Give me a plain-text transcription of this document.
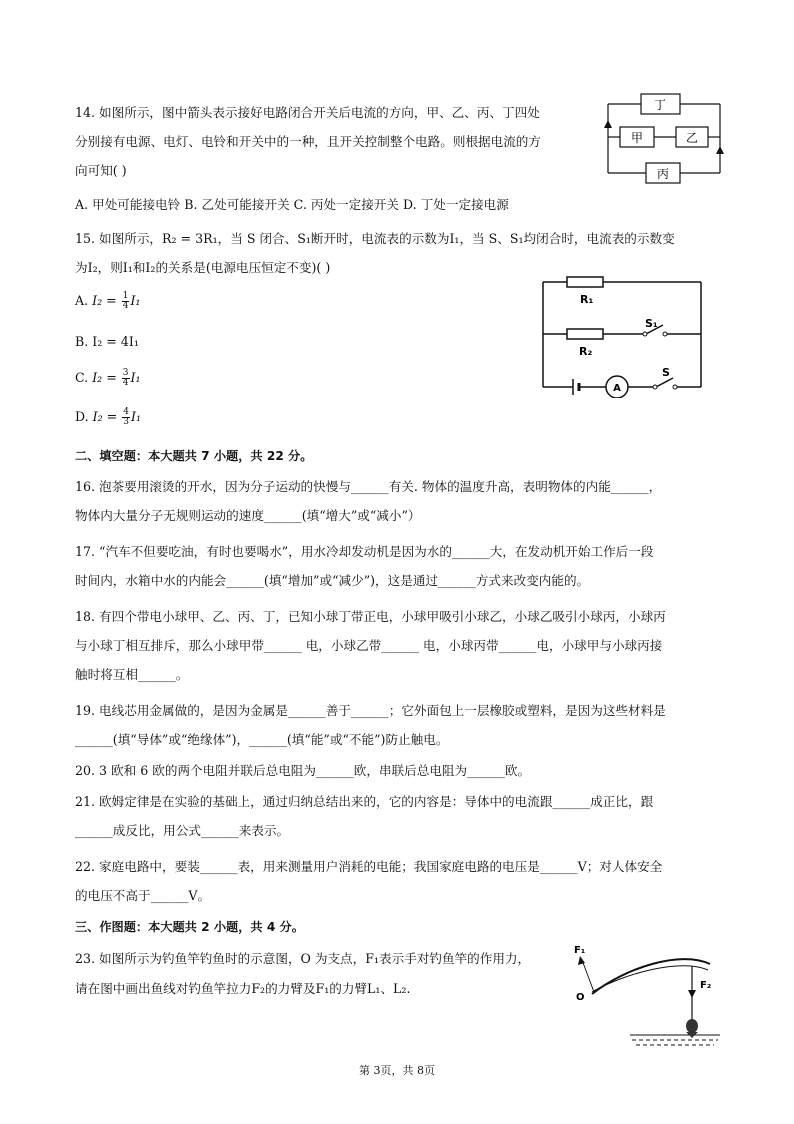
14. 如图所示，图中箭头表示接好电路闭合开关后电流的方向，甲、乙、丙、丁四处
分别接有电源、电灯、电铃和开关中的一种，且开关控制整个电路。则根据电流的方
向可知( )
A. 甲处可能接电铃 B. 乙处可能接开关 C. 丙处一定接开关 D. 丁处一定接电源
丁
甲	乙
丙
15. 如图所示，R₂ = 3R₁，当 S 闭合、S₁断开时，电流表的示数为I₁，当 S、S₁均闭合时，电流表的示数变
为I₂，则I₁和I₂的关系是(电源电压恒定不变)( )
A. $I_2 = \frac{1}{4} I_1$
B. I₂ = 4I₁
C. $I_2 = \frac{3}{4} I_1$
D. $I_2 = \frac{4}{3} I_1$
R₁
R₂
S₁
S
A
二、填空题：本大题共 7 小题，共 22 分。
16. 泡茶要用滚烫的开水，因为分子运动的快慢与______有关. 物体的温度升高，表明物体的内能______，
物体内大量分子无规则运动的速度______(填“增大”或“减小”）
17. “汽车不但要吃油，有时也要喝水”，用水冷却发动机是因为水的______大，在发动机开始工作后一段
时间内，水箱中水的内能会______(填“增加”或“减少”)，这是通过______方式来改变内能的。
18. 有四个带电小球甲、乙、丙、丁，已知小球丁带正电，小球甲吸引小球乙，小球乙吸引小球丙，小球丙
与小球丁相互排斥，那么小球甲带______ 电，小球乙带______ 电，小球丙带______电，小球甲与小球丙接
触时将互相______。
19. 电线芯用金属做的，是因为金属是______善于______；它外面包上一层橡胶或塑料，是因为这些材料是
______(填“导体”或“绝缘体”)，______(填“能”或“不能”)防止触电。
20. 3 欧和 6 欧的两个电阻并联后总电阻为______欧，串联后总电阻为______欧。
21. 欧姆定律是在实验的基础上，通过归纳总结出来的，它的内容是：导体中的电流跟______成正比，跟
______成反比，用公式______来表示。
22. 家庭电路中，要装______表，用来测量用户消耗的电能；我国家庭电路的电压是______V；对人体安全
的电压不高于______V。
三、作图题：本大题共 2 小题，共 4 分。
23. 如图所示为钓鱼竿钓鱼时的示意图，O 为支点，F₁表示手对钓鱼竿的作用力，
请在图中画出鱼线对钓鱼竿拉力F₂的力臂及F₁的力臂L₁、L₂.
F₁
F₂
O
第 3页，共 8页
